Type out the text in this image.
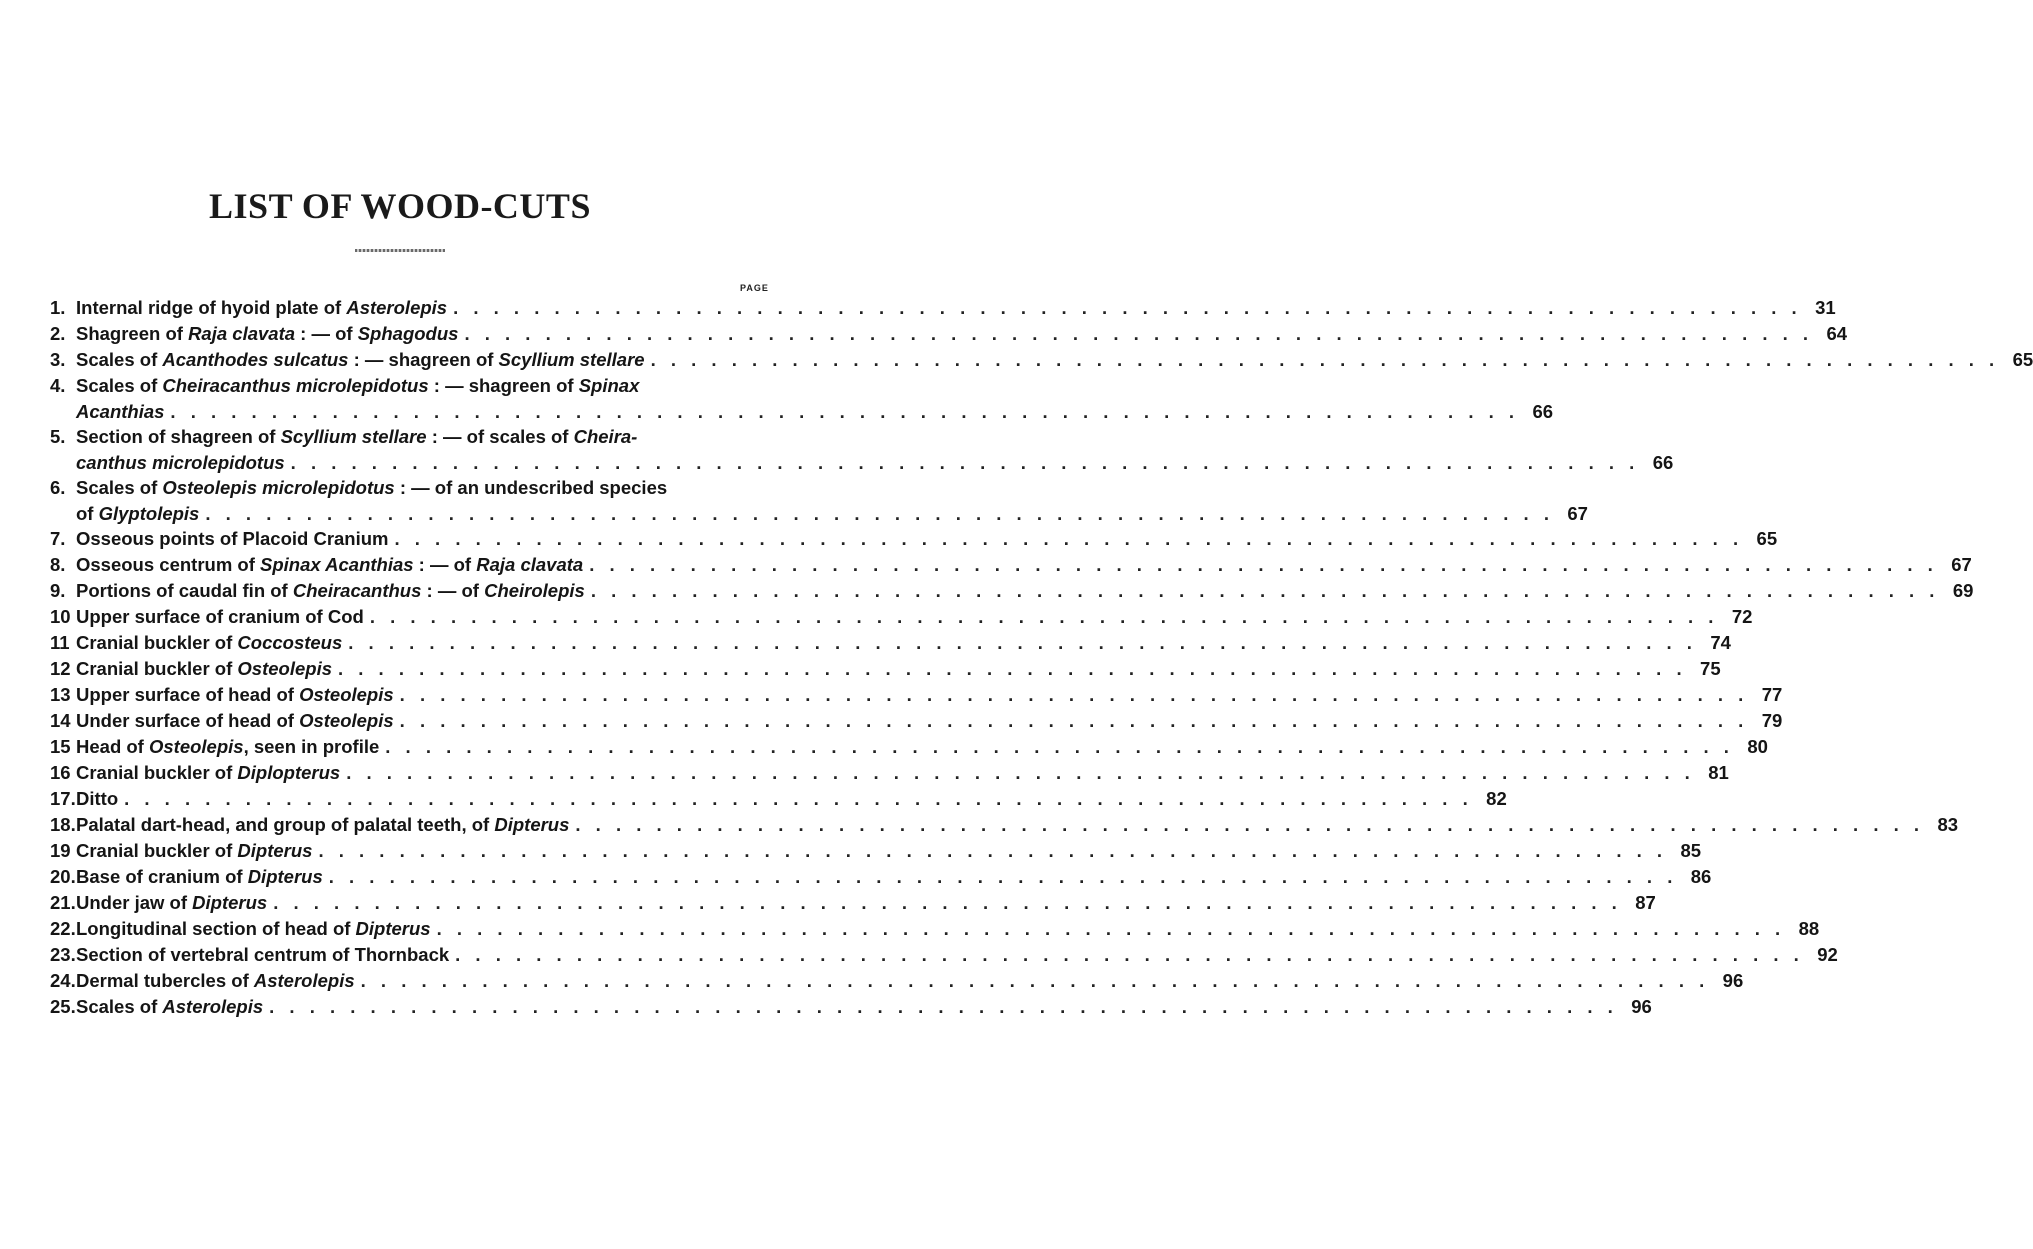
LIST OF WOOD-CUTS
PAGE
1. Internal ridge of hyoid plate of Asterolepis . . .	31
2. Shagreen of Raja clavata : — of Sphagodus . . .	64
3. Scales of Acanthodes sulcatus : — shagreen of Scyllium stellare . . .	65
4. Scales of Cheiracanthus microlepidotus : — shagreen of Spinax
Acanthias . . .	66
5. Section of shagreen of Scyllium stellare : — of scales of Cheira-
canthus microlepidotus . . .	66
6. Scales of Osteolepis microlepidotus : — of an undescribed species
of Glyptolepis . . .	67
7. Osseous points of Placoid Cranium . . .	65
8. Osseous centrum of Spinax Acanthias : — of Raja clavata . . .	67
9. Portions of caudal fin of Cheiracanthus : — of Cheirolepis . . .	69
10 Upper surface of cranium of Cod . . .	72
11 Cranial buckler of Coccosteus . . .	74
12 Cranial buckler of Osteolepis . . .	75
13 Upper surface of head of Osteolepis . . .	77
14 Under surface of head of Osteolepis . . .	79
15 Head of Osteolepis, seen in profile . . .	80
16 Cranial buckler of Diplopterus . . .	81
17. Ditto . . .	82
18. Palatal dart-head, and group of palatal teeth, of Dipterus . . .	83
19 Cranial buckler of Dipterus . . .	85
20. Base of cranium of Dipterus . . .	86
21. Under jaw of Dipterus . . .	87
22. Longitudinal section of head of Dipterus . . .	88
23. Section of vertebral centrum of Thornback . . .	92
24. Dermal tubercles of Asterolepis . . .	96
25. Scales of Asterolepis . . .	96
